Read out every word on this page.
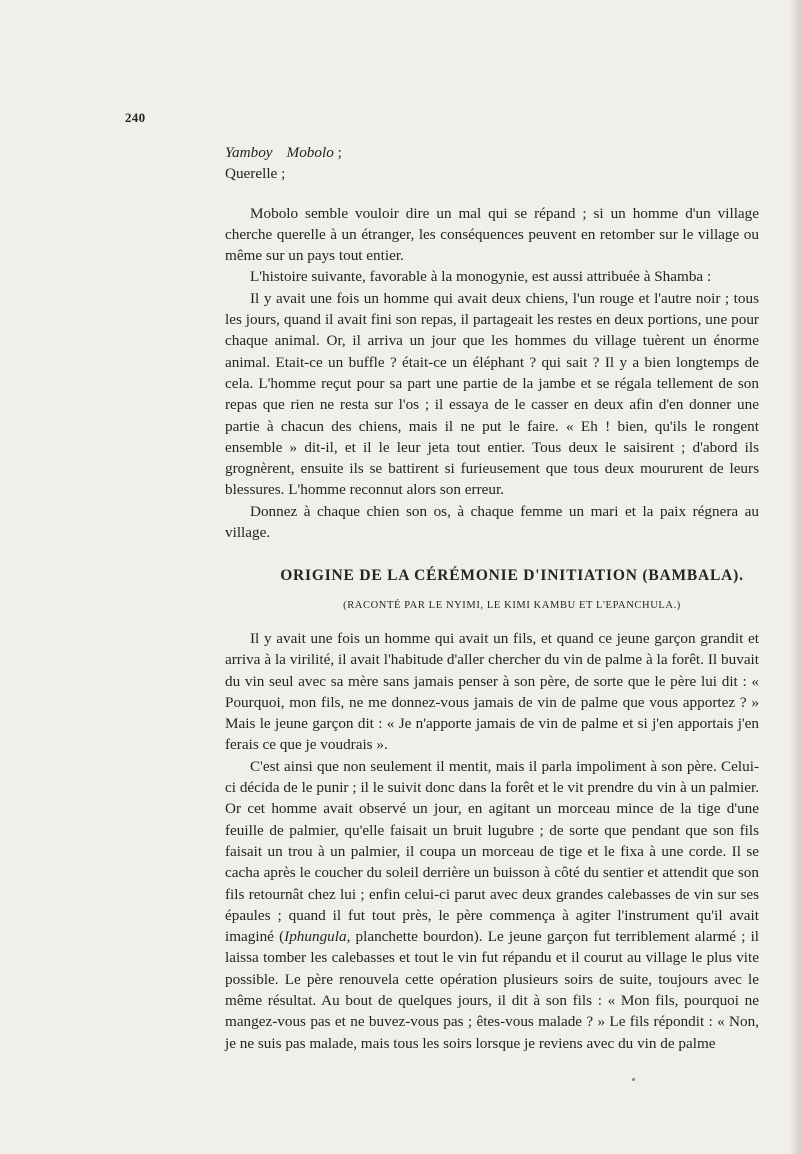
240

Yamboy Mobolo ;

Querelle ;

Mobolo semble vouloir dire un mal qui se répand ; si un homme d'un village cherche querelle à un étranger, les conséquences peuvent en retomber sur le village ou même sur un pays tout entier.

L'histoire suivante, favorable à la monogynie, est aussi attribuée à Shamba :

Il y avait une fois un homme qui avait deux chiens, l'un rouge et l'autre noir ; tous les jours, quand il avait fini son repas, il partageait les restes en deux portions, une pour chaque animal. Or, il arriva un jour que les hommes du village tuèrent un énorme animal. Etait-ce un buffle ? était-ce un éléphant ? qui sait ? Il y a bien longtemps de cela. L'homme reçut pour sa part une partie de la jambe et se régala tellement de son repas que rien ne resta sur l'os ; il essaya de le casser en deux afin d'en donner une partie à chacun des chiens, mais il ne put le faire. « Eh ! bien, qu'ils le rongent ensemble » dit-il, et il le leur jeta tout entier. Tous deux le saisirent ; d'abord ils grognèrent, ensuite ils se battirent si furieusement que tous deux moururent de leurs blessures. L'homme reconnut alors son erreur.

Donnez à chaque chien son os, à chaque femme un mari et la paix régnera au village.

ORIGINE DE LA CÉRÉMONIE D'INITIATION (BAMBALA).
(RACONTÉ PAR LE NYIMI, LE KIMI KAMBU ET L'EPANCHULA.)

Il y avait une fois un homme qui avait un fils, et quand ce jeune garçon grandit et arriva à la virilité, il avait l'habitude d'aller chercher du vin de palme à la forêt. Il buvait du vin seul avec sa mère sans jamais penser à son père, de sorte que le père lui dit : « Pourquoi, mon fils, ne me donnez-vous jamais de vin de palme que vous apportez ? » Mais le jeune garçon dit : « Je n'apporte jamais de vin de palme et si j'en apportais j'en ferais ce que je voudrais ».

C'est ainsi que non seulement il mentit, mais il parla impoliment à son père. Celui-ci décida de le punir ; il le suivit donc dans la forêt et le vit prendre du vin à un palmier. Or cet homme avait observé un jour, en agitant un morceau mince de la tige d'une feuille de palmier, qu'elle faisait un bruit lugubre ; de sorte que pendant que son fils faisait un trou à un palmier, il coupa un morceau de tige et le fixa à une corde. Il se cacha après le coucher du soleil derrière un buisson à côté du sentier et attendit que son fils retournât chez lui ; enfin celui-ci parut avec deux grandes calebasses de vin sur ses épaules ; quand il fut tout près, le père commença à agiter l'instrument qu'il avait imaginé (Iphungula, planchette bourdon). Le jeune garçon fut terriblement alarmé ; il laissa tomber les calebasses et tout le vin fut répandu et il courut au village le plus vite possible. Le père renouvela cette opération plusieurs soirs de suite, toujours avec le même résultat. Au bout de quelques jours, il dit à son fils : « Mon fils, pourquoi ne mangez-vous pas et ne buvez-vous pas ; êtes-vous malade ? » Le fils répondit : « Non, je ne suis pas malade, mais tous les soirs lorsque je reviens avec du vin de palme
